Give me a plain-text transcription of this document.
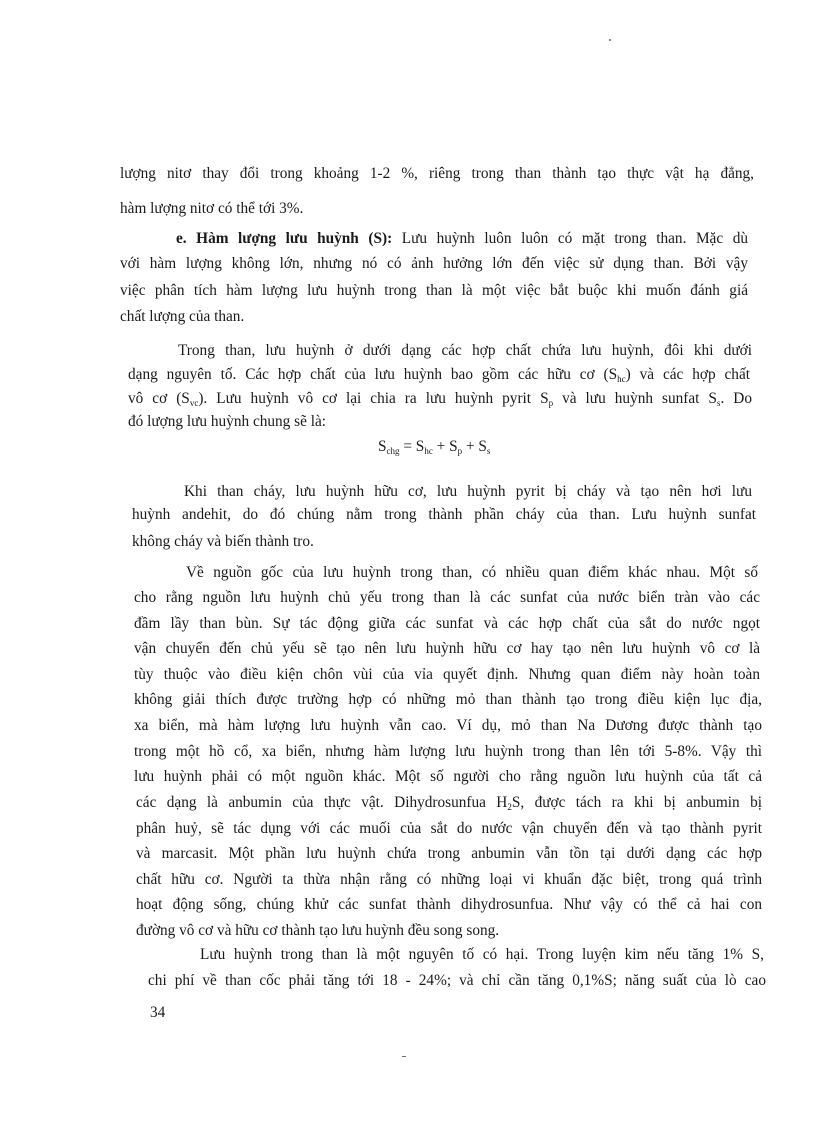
lượng nitơ thay đổi trong khoảng 1-2 %, riêng trong than thành tạo thực vật hạ đẳng,
hàm lượng nitơ có thể tới 3%.
e. Hàm lượng lưu huỳnh (S): Lưu huỳnh luôn luôn có mặt trong than. Mặc dù
với hàm lượng không lớn, nhưng nó có ảnh hưởng lớn đến việc sử dụng than. Bởi vậy
việc phân tích hàm lượng lưu huỳnh trong than là một việc bắt buộc khi muốn đánh giá
chất lượng của than.
Trong than, lưu huỳnh ở dưới dạng các hợp chất chứa lưu huỳnh, đôi khi dưới
dạng nguyên tố. Các hợp chất của lưu huỳnh bao gồm các hữu cơ $(S_{hc})$ và các hợp chất
vô cơ $(S_{vc})$. Lưu huỳnh vô cơ lại chia ra lưu huỳnh pyrit $S_p$ và lưu huỳnh sunfat $S_s$. Do
đó lượng lưu huỳnh chung sẽ là:
$S_{chg} = S_{hc} + S_p + S_s$
Khi than cháy, lưu huỳnh hữu cơ, lưu huỳnh pyrit bị cháy và tạo nên hơi lưu
huỳnh andehit, do đó chúng nằm trong thành phần cháy của than. Lưu huỳnh sunfat
không cháy và biến thành tro.
Về nguồn gốc của lưu huỳnh trong than, có nhiều quan điểm khác nhau. Một số
cho rằng nguồn lưu huỳnh chủ yếu trong than là các sunfat của nước biển tràn vào các
đầm lầy than bùn. Sự tác động giữa các sunfat và các hợp chất của sắt do nước ngọt
vận chuyển đến chủ yếu sẽ tạo nên lưu huỳnh hữu cơ hay tạo nên lưu huỳnh vô cơ là
tùy thuộc vào điều kiện chôn vùi của vỉa quyết định. Nhưng quan điểm này hoàn toàn
không giải thích được trường hợp có những mỏ than thành tạo trong điều kiện lục địa,
xa biển, mà hàm lượng lưu huỳnh vẫn cao. Ví dụ, mỏ than Na Dương được thành tạo
trong một hồ cổ, xa biển, nhưng hàm lượng lưu huỳnh trong than lên tới 5-8%. Vậy thì
lưu huỳnh phải có một nguồn khác. Một số người cho rằng nguồn lưu huỳnh của tất cả
các dạng là anbumin của thực vật. Dihydrosunfua $H_2S$, được tách ra khi bị anbumin bị
phân huỷ, sẽ tác dụng với các muối của sắt do nước vận chuyển đến và tạo thành pyrit
và marcasit. Một phần lưu huỳnh chứa trong anbumin vẫn tồn tại dưới dạng các hợp
chất hữu cơ. Người ta thừa nhận rằng có những loại vi khuẩn đặc biệt, trong quá trình
hoạt động sống, chúng khử các sunfat thành dihydrosunfua. Như vậy có thể cả hai con
đường vô cơ và hữu cơ thành tạo lưu huỳnh đều song song.
Lưu huỳnh trong than là một nguyên tố có hại. Trong luyện kim nếu tăng 1% S,
chi phí về than cốc phải tăng tới 18 - 24%; và chỉ cần tăng 0,1%S; năng suất của lò cao
34
